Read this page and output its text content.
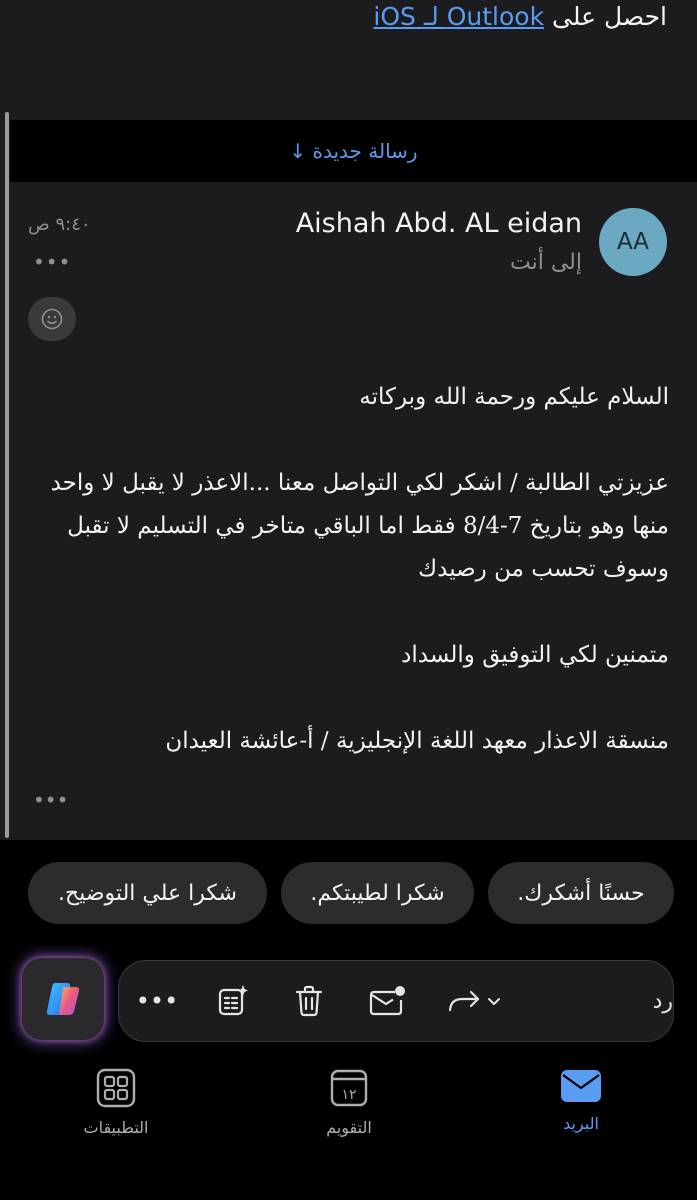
احصل على Outlook لـ iOS
رسالة جديدة ↓
AA
Aishah Abd. AL eidan
إلى أنت
٩:٤٠ ص
•••

السلام عليكم ورحمة الله وبركاته

عزيزتي الطالبة / اشكر لكي التواصل معنا ...الاعذر لا يقبل لا واحد منها وهو بتاريخ 7-8/4 فقط اما الباقي متاخر في التسليم لا تقبل وسوف تحسب من رصيدك

متمنين لكي التوفيق والسداد

منسقة الاعذار معهد اللغة الإنجليزية / أ-عائشة العيدان

•••
حسنًا أشكرك.
شكرا لطيبتكم.
شكرا علي التوضيح.
•••	رد
البريد
١٢
التقويم
التطبيقات
